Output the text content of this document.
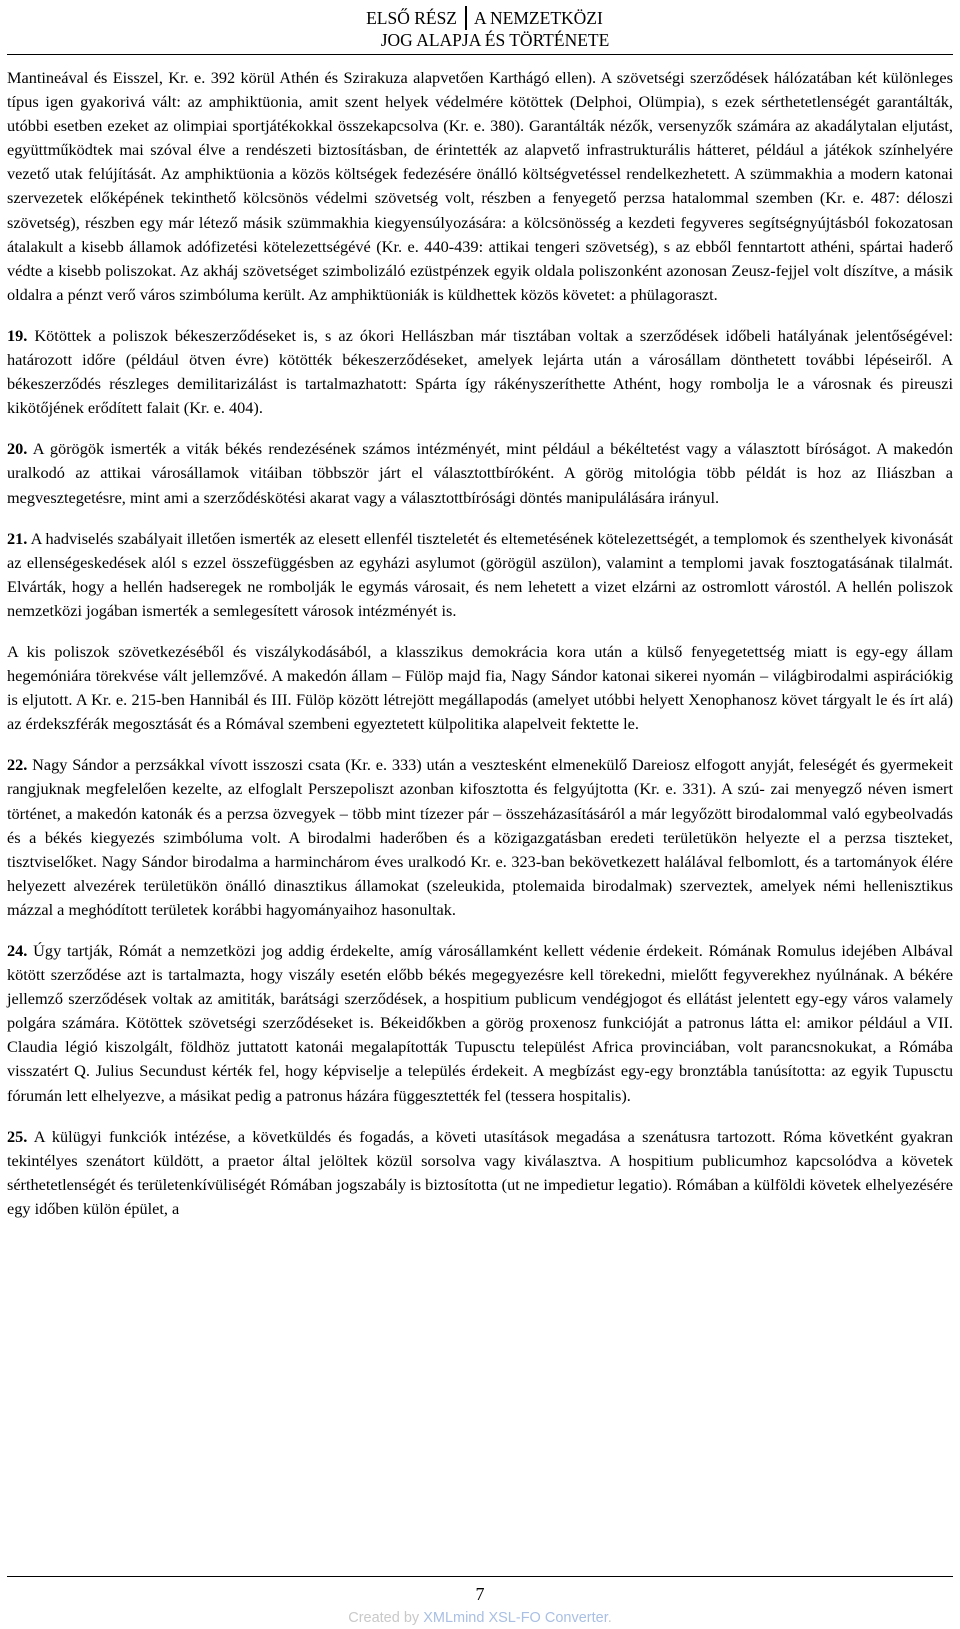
ELSŐ RÉSZ A NEMZETKÖZI
JOG ALAPJA ÉS TÖRTÉNETE

Mantineával és Eisszel, Kr. e. 392 körül Athén és Szirakuza alapvetően Karthágó ellen). A szövetségi szerződések hálózatában két különleges típus igen gyakorivá vált: az amphiktüonia, amit szent helyek védelmére kötöttek (Delphoi, Olümpia), s ezek sérthetetlenségét garantálták, utóbbi esetben ezeket az olimpiai sportjátékokkal összekapcsolva (Kr. e. 380). Garantálták nézők, versenyzők számára az akadálytalan eljutást, együttműködtek mai szóval élve a rendészeti biztosításban, de érintették az alapvető infrastrukturális hátteret, például a játékok színhelyére vezető utak felújítását. Az amphiktüonia a közös költségek fedezésére önálló költségvetéssel rendelkezhetett. A szümmakhia a modern katonai szervezetek előképének tekinthető kölcsönös védelmi szövetség volt, részben a fenyegető perzsa hatalommal szemben (Kr. e. 487: déloszi szövetség), részben egy már létező másik szümmakhia kiegyensúlyozására: a kölcsönösség a kezdeti fegyveres segítségnyújtásból fokozatosan átalakult a kisebb államok adófizetési kötelezettségévé (Kr. e. 440-439: attikai tengeri szövetség), s az ebből fenntartott athéni, spártai haderő védte a kisebb poliszokat. Az akháj szövetséget szimbolizáló ezüstpénzek egyik oldala poliszonként azonosan Zeusz-fejjel volt díszítve, a másik oldalra a pénzt verő város szimbóluma került. Az amphiktüoniák is küldhettek közös követet: a phülagoraszt.

19. Kötöttek a poliszok békeszerződéseket is, s az ókori Hellászban már tisztában voltak a szerződések időbeli hatályának jelentőségével: határozott időre (például ötven évre) kötötték békeszerződéseket, amelyek lejárta után a városállam dönthetett további lépéseiről. A békeszerződés részleges demilitarizálást is tartalmazhatott: Spárta így rákényszeríthette Athént, hogy rombolja le a városnak és pireuszi kikötőjének erődített falait (Kr. e. 404).

20. A görögök ismerték a viták békés rendezésének számos intézményét, mint például a békéltetést vagy a választott bíróságot. A makedón uralkodó az attikai városállamok vitáiban többször járt el választottbíróként. A görög mitológia több példát is hoz az Iliászban a megvesztegetésre, mint ami a szerződéskötési akarat vagy a választottbírósági döntés manipulálására irányul.

21. A hadviselés szabályait illetően ismerték az elesett ellenfél tiszteletét és eltemetésének kötelezettségét, a templomok és szenthelyek kivonását az ellenségeskedések alól s ezzel összefüggésben az egyházi asylumot (görögül aszülon), valamint a templomi javak fosztogatásának tilalmát. Elvárták, hogy a hellén hadseregek ne rombolják le egymás városait, és nem lehetett a vizet elzárni az ostromlott várostól. A hellén poliszok nemzetközi jogában ismerték a semlegesített városok intézményét is.

A kis poliszok szövetkezéséből és viszálykodásából, a klasszikus demokrácia kora után a külső fenyegetettség miatt is egy-egy állam hegemóniára törekvése vált jellemzővé. A makedón állam – Fülöp majd fia, Nagy Sándor katonai sikerei nyomán – világbirodalmi aspirációkig is eljutott. A Kr. e. 215-ben Hannibál és III. Fülöp között létrejött megállapodás (amelyet utóbbi helyett Xenophanosz követ tárgyalt le és írt alá) az érdekszférák megosztását és a Rómával szembeni egyeztetett külpolitika alapelveit fektette le.

22. Nagy Sándor a perzsákkal vívott isszoszi csata (Kr. e. 333) után a vesztesként elmenekülő Dareiosz elfogott anyját, feleségét és gyermekeit rangjuknak megfelelően kezelte, az elfoglalt Perszepoliszt azonban kifosztotta és felgyújtotta (Kr. e. 331). A szú- zai menyegző néven ismert történet, a makedón katonák és a perzsa özvegyek – több mint tízezer pár – összeházasításáról a már legyőzött birodalommal való egybeolvadás és a békés kiegyezés szimbóluma volt. A birodalmi haderőben és a közigazgatásban eredeti területükön helyezte el a perzsa tiszteket, tisztviselőket. Nagy Sándor birodalma a harminchárom éves uralkodó Kr. e. 323-ban bekövetkezett halálával felbomlott, és a tartományok élére helyezett alvezérek területükön önálló dinasztikus államokat (szeleukida, ptolemaida birodalmak) szerveztek, amelyek némi hellenisztikus mázzal a meghódított területek korábbi hagyományaihoz hasonultak.

24. Úgy tartják, Rómát a nemzetközi jog addig érdekelte, amíg városállamként kellett védenie érdekeit. Rómának Romulus idejében Albával kötött szerződése azt is tartalmazta, hogy viszály esetén előbb békés megegyezésre kell törekedni, mielőtt fegyverekhez nyúlnának. A békére jellemző szerződések voltak az amititák, barátsági szerződések, a hospitium publicum vendégjogot és ellátást jelentett egy-egy város valamely polgára számára. Kötöttek szövetségi szerződéseket is. Békeidőkben a görög proxenosz funkcióját a patronus látta el: amikor például a VII. Claudia légió kiszolgált, földhöz juttatott katonái megalapították Tupusctu települést Africa provinciában, volt parancsnokukat, a Rómába visszatért Q. Julius Secundust kérték fel, hogy képviselje a település érdekeit. A megbízást egy-egy bronztábla tanúsította: az egyik Tupusctu fórumán lett elhelyezve, a másikat pedig a patronus házára függesztették fel (tessera hospitalis).

25. A külügyi funkciók intézése, a követküldés és fogadás, a követi utasítások megadása a szenátusra tartozott. Róma követként gyakran tekintélyes szenátort küldött, a praetor által jelöltek közül sorsolva vagy kiválasztva. A hospitium publicumhoz kapcsolódva a követek sérthetetlenségét és területenkívüliségét Rómában jogszabály is biztosította (ut ne impedietur legatio). Rómában a külföldi követek elhelyezésére egy időben külön épület, a

7
Created by XMLmind XSL-FO Converter.
